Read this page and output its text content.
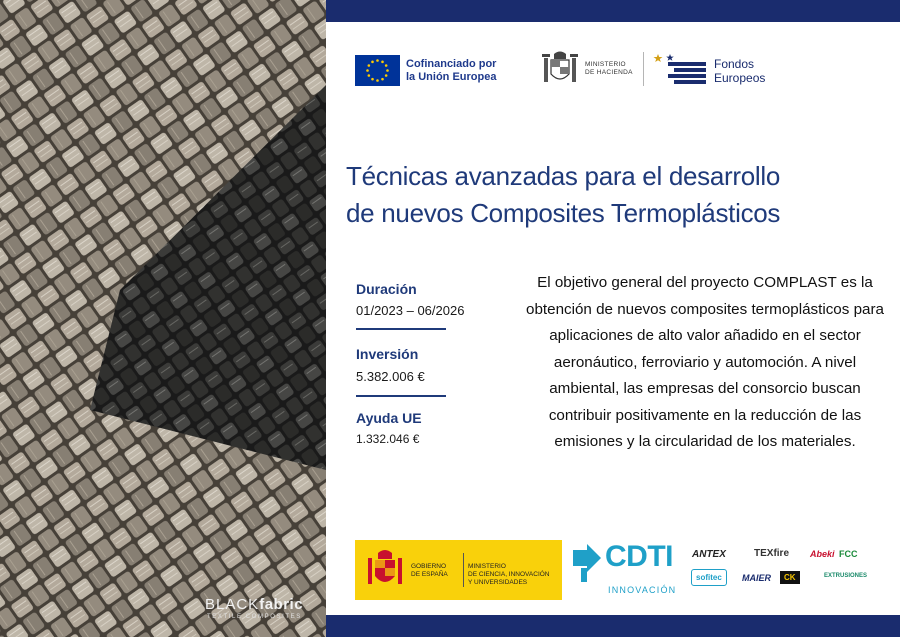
BLACKfabric
TEXTILE COMPOSITES
Cofinanciado por
la Unión Europea
MINISTERIO
DE HACIENDA
Fondos
Europeos
Técnicas avanzadas para el desarrollo
de nuevos Composites Termoplásticos
Duración
01/2023 – 06/2026
Inversión
5.382.006 €
Ayuda UE
1.332.046 €
El objetivo general del proyecto COMPLAST es la obtención de nuevos composites termoplásticos para aplicaciones de alto valor añadido en el sector aeronáutico, ferroviario y automoción. A nivel ambiental, las empresas del consorcio buscan contribuir positivamente en la reducción de las emisiones y la circularidad de los materiales.
GOBIERNO
DE ESPAÑA
MINISTERIO
DE CIENCIA, INNOVACIÓN
Y UNIVERSIDADES
CDTI
INNOVACIÓN
ANTEX	TEXfire Abeki FCC
sofitec	MAIER	CK	EXTRUSIONES
